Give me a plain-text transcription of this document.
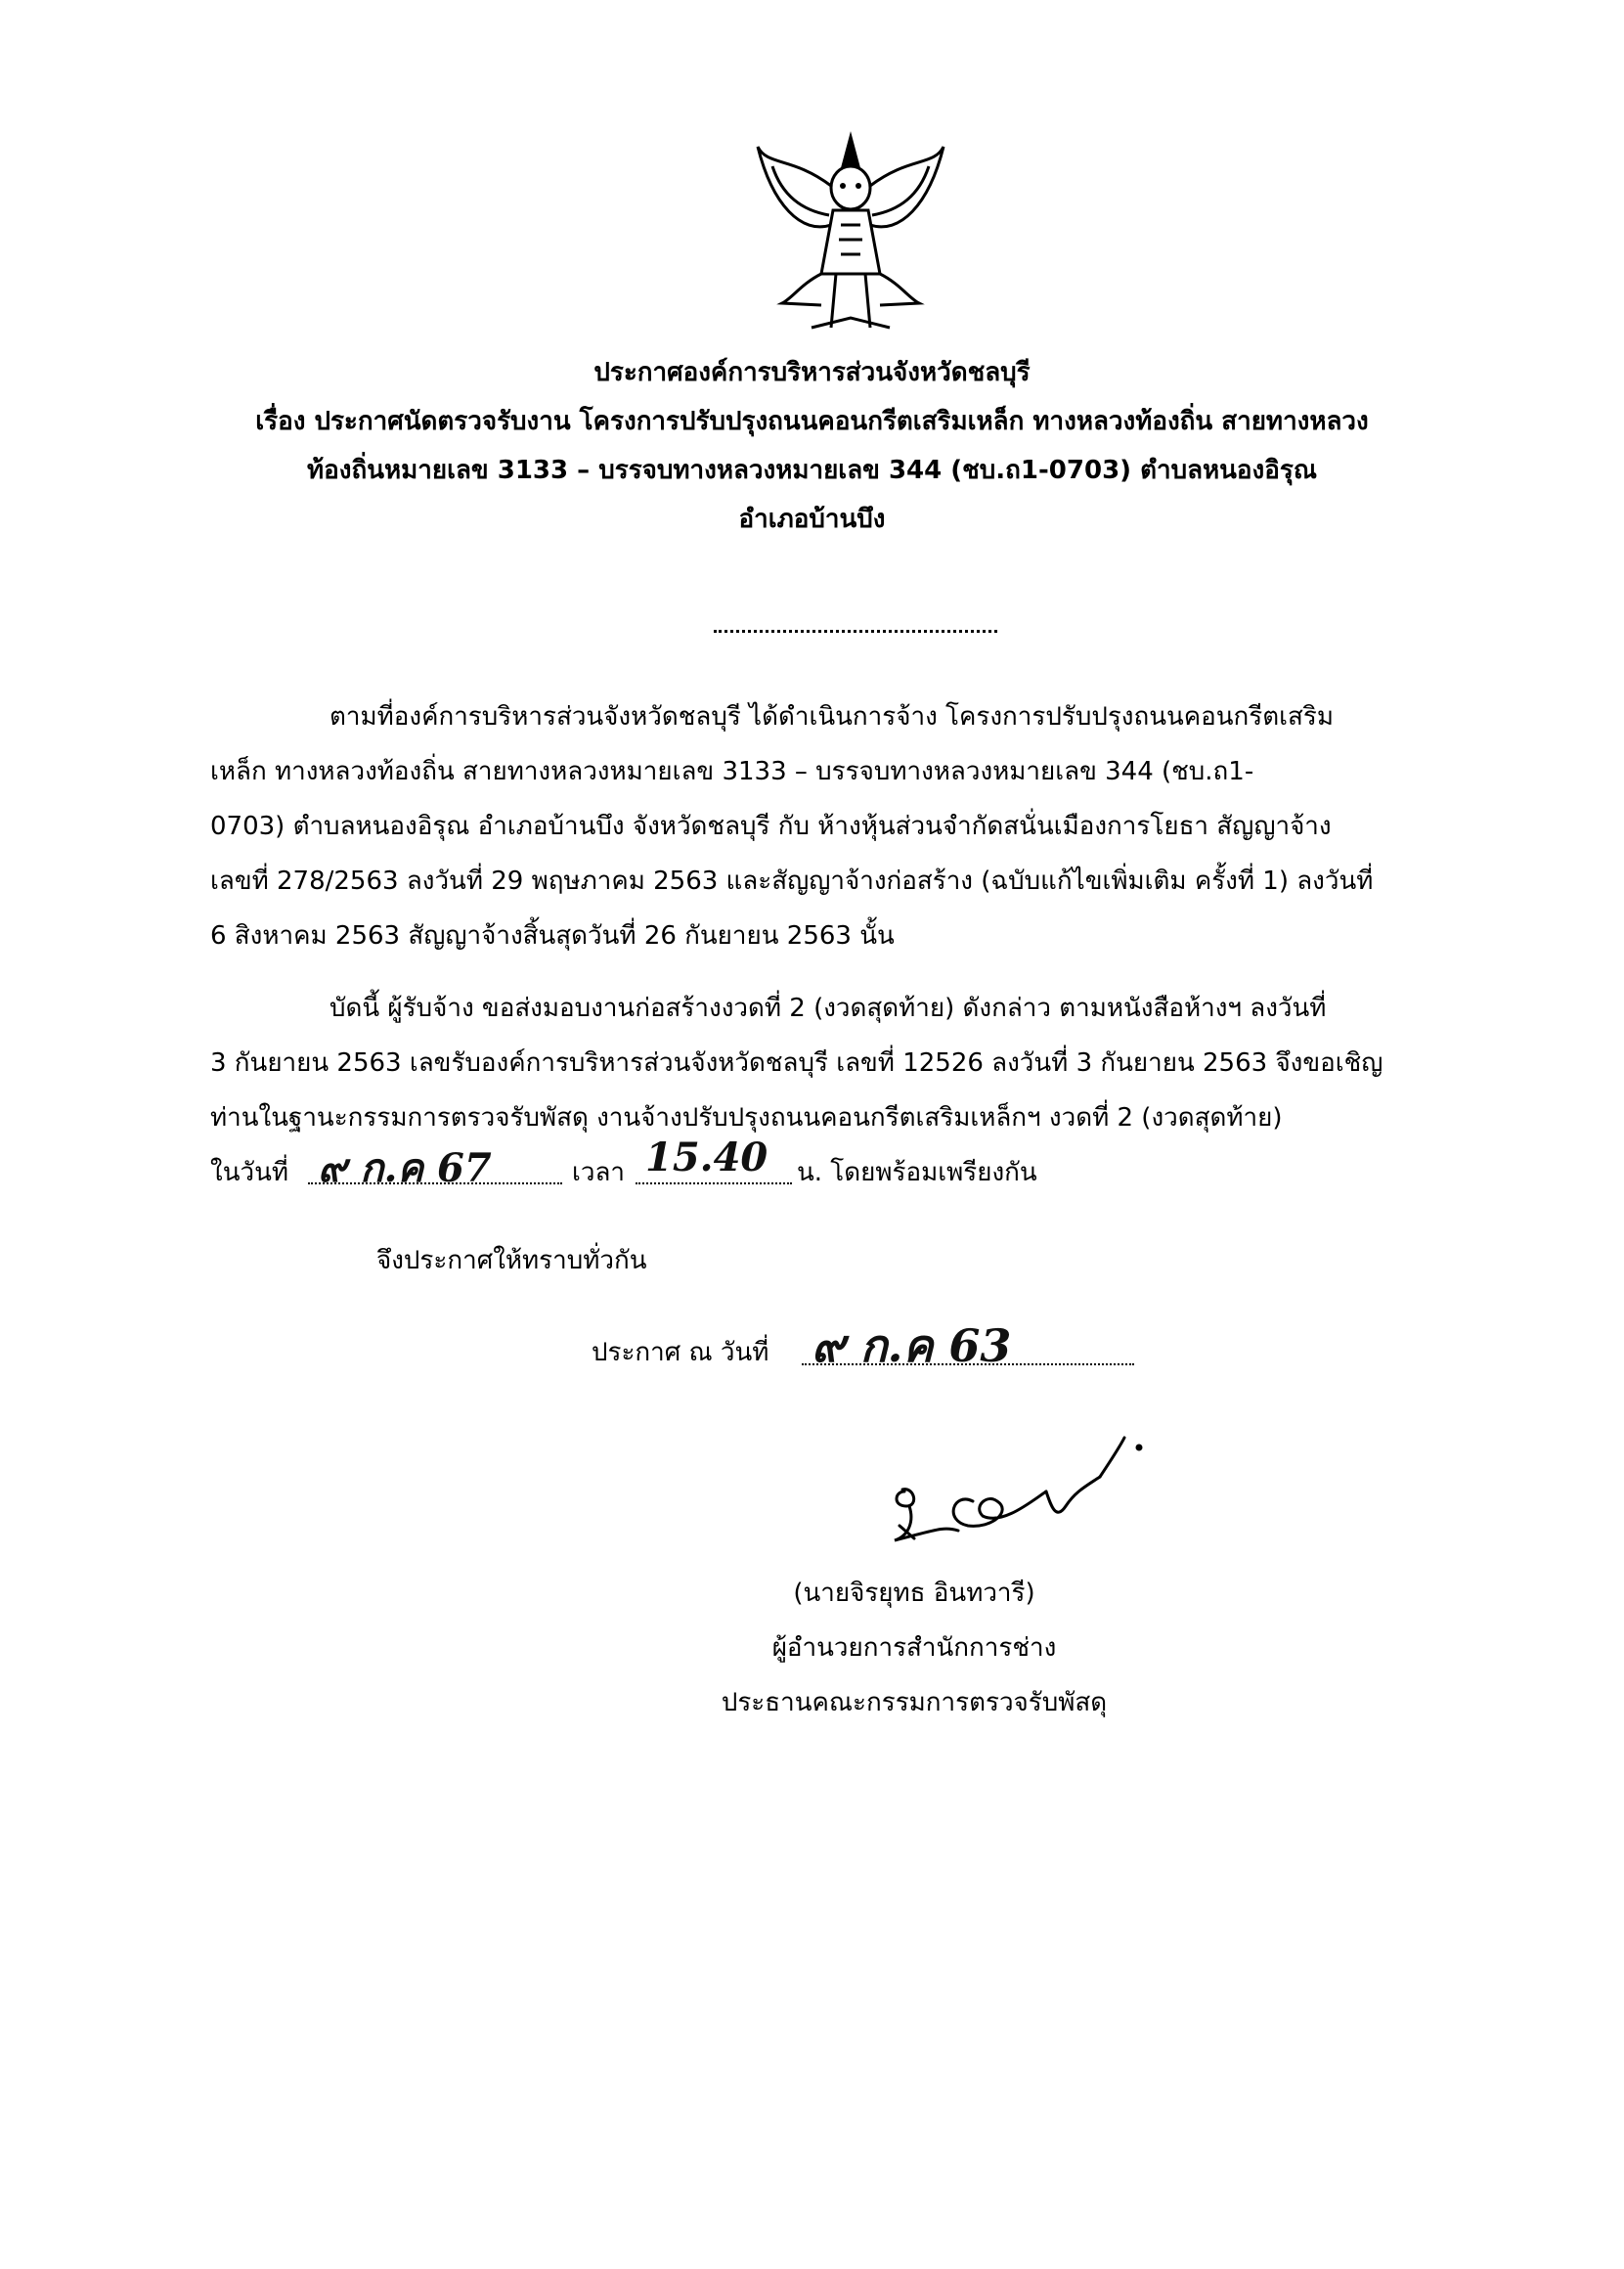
ประกาศองค์การบริหารส่วนจังหวัดชลบุรี
เรื่อง ประกาศนัดตรวจรับงาน โครงการปรับปรุงถนนคอนกรีตเสริมเหล็ก ทางหลวงท้องถิ่น สายทางหลวง
ท้องถิ่นหมายเลข 3133 – บรรจบทางหลวงหมายเลข 344 (ชบ.ถ1-0703) ตำบลหนองอิรุณ
อำเภอบ้านบึง
ตามที่องค์การบริหารส่วนจังหวัดชลบุรี ได้ดำเนินการจ้าง โครงการปรับปรุงถนนคอนกรีตเสริม
เหล็ก ทางหลวงท้องถิ่น สายทางหลวงหมายเลข 3133 – บรรจบทางหลวงหมายเลข 344 (ชบ.ถ1-
0703) ตำบลหนองอิรุณ อำเภอบ้านบึง จังหวัดชลบุรี กับ ห้างหุ้นส่วนจำกัดสนั่นเมืองการโยธา สัญญาจ้าง
เลขที่ 278/2563 ลงวันที่ 29 พฤษภาคม 2563 และสัญญาจ้างก่อสร้าง (ฉบับแก้ไขเพิ่มเติม ครั้งที่ 1) ลงวันที่
6 สิงหาคม 2563 สัญญาจ้างสิ้นสุดวันที่ 26 กันยายน 2563 นั้น
บัดนี้ ผู้รับจ้าง ขอส่งมอบงานก่อสร้างงวดที่ 2 (งวดสุดท้าย) ดังกล่าว ตามหนังสือห้างฯ ลงวันที่
3 กันยายน 2563 เลขรับองค์การบริหารส่วนจังหวัดชลบุรี เลขที่ 12526 ลงวันที่ 3 กันยายน 2563 จึงขอเชิญ
ท่านในฐานะกรรมการตรวจรับพัสดุ งานจ้างปรับปรุงถนนคอนกรีตเสริมเหล็กฯ งวดที่ 2 (งวดสุดท้าย)
ในวันที่ ๙ ก.ค 67	เวลา 15.40 น. โดยพร้อมเพรียงกัน
จึงประกาศให้ทราบทั่วกัน
ประกาศ ณ วันที่ ๙ ก.ค 63
(นายจิรยุทธ อินทวารี)
ผู้อำนวยการสำนักการช่าง
ประธานคณะกรรมการตรวจรับพัสดุ
